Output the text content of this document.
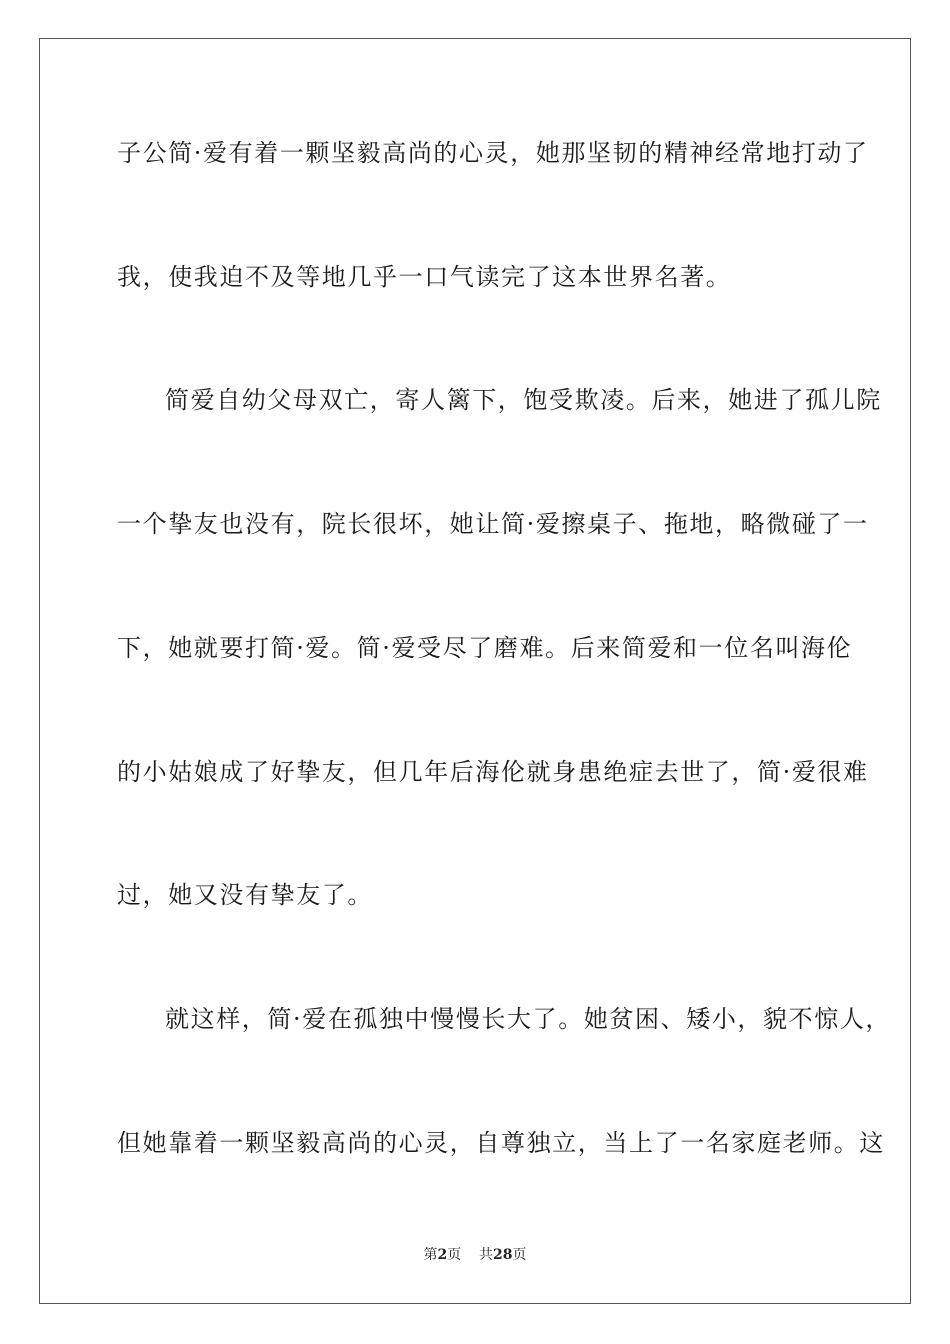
子公简·爱有着一颗坚毅高尚的心灵，她那坚韧的精神经常地打动了
我，使我迫不及等地几乎一口气读完了这本世界名著。
简爱自幼父母双亡，寄人篱下，饱受欺凌。后来，她进了孤儿院
一个挚友也没有，院长很坏，她让简·爱擦桌子、拖地，略微碰了一
下，她就要打简·爱。简·爱受尽了磨难。后来简爱和一位名叫海伦
的小姑娘成了好挚友，但几年后海伦就身患绝症去世了，简·爱很难
过，她又没有挚友了。
就这样，简·爱在孤独中慢慢长大了。她贫困、矮小，貌不惊人，
但她靠着一颗坚毅高尚的心灵，自尊独立，当上了一名家庭老师。这
第2页 共28页
